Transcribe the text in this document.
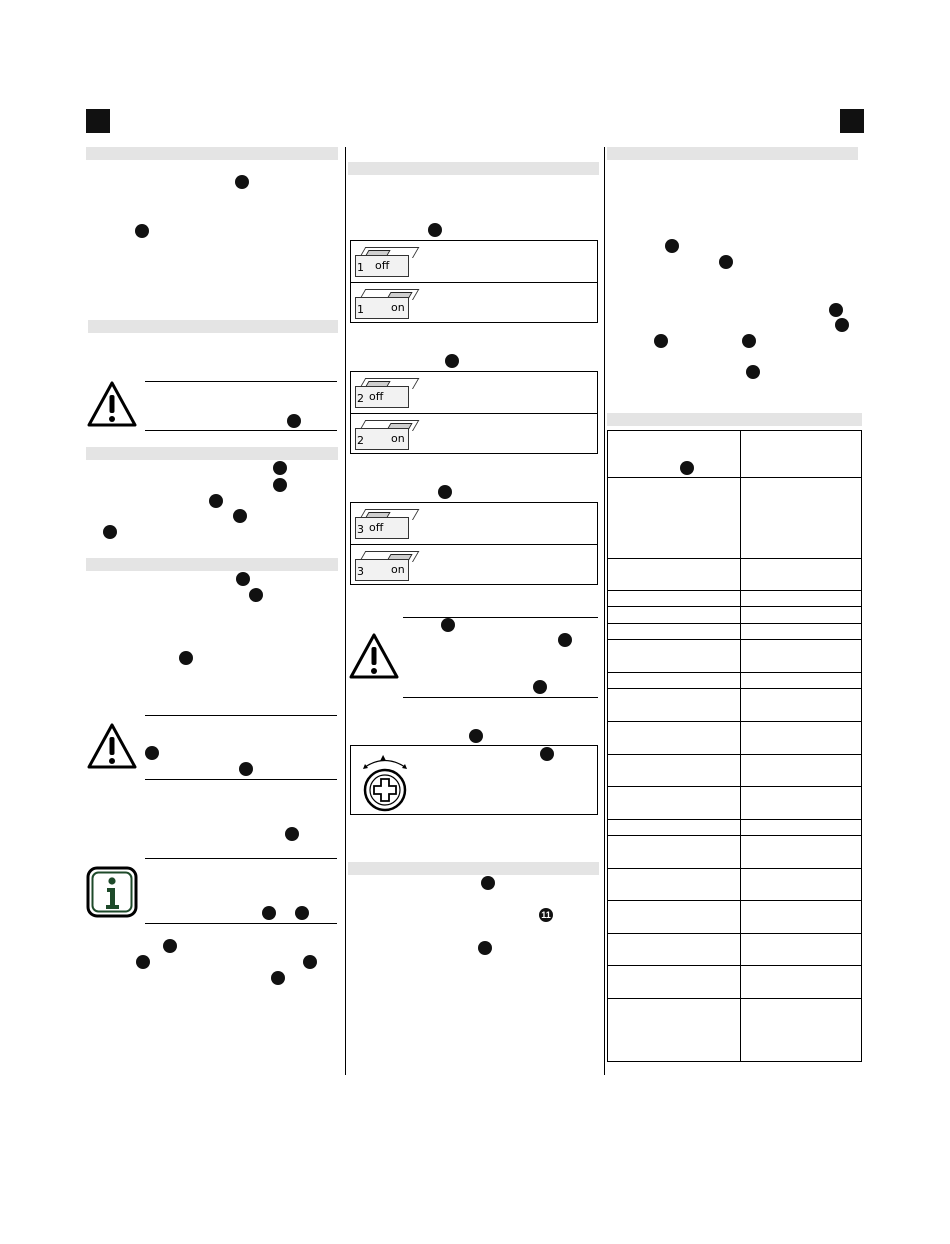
1 off
1 on
2 off
2 on
3 off
3 on
▲
11
